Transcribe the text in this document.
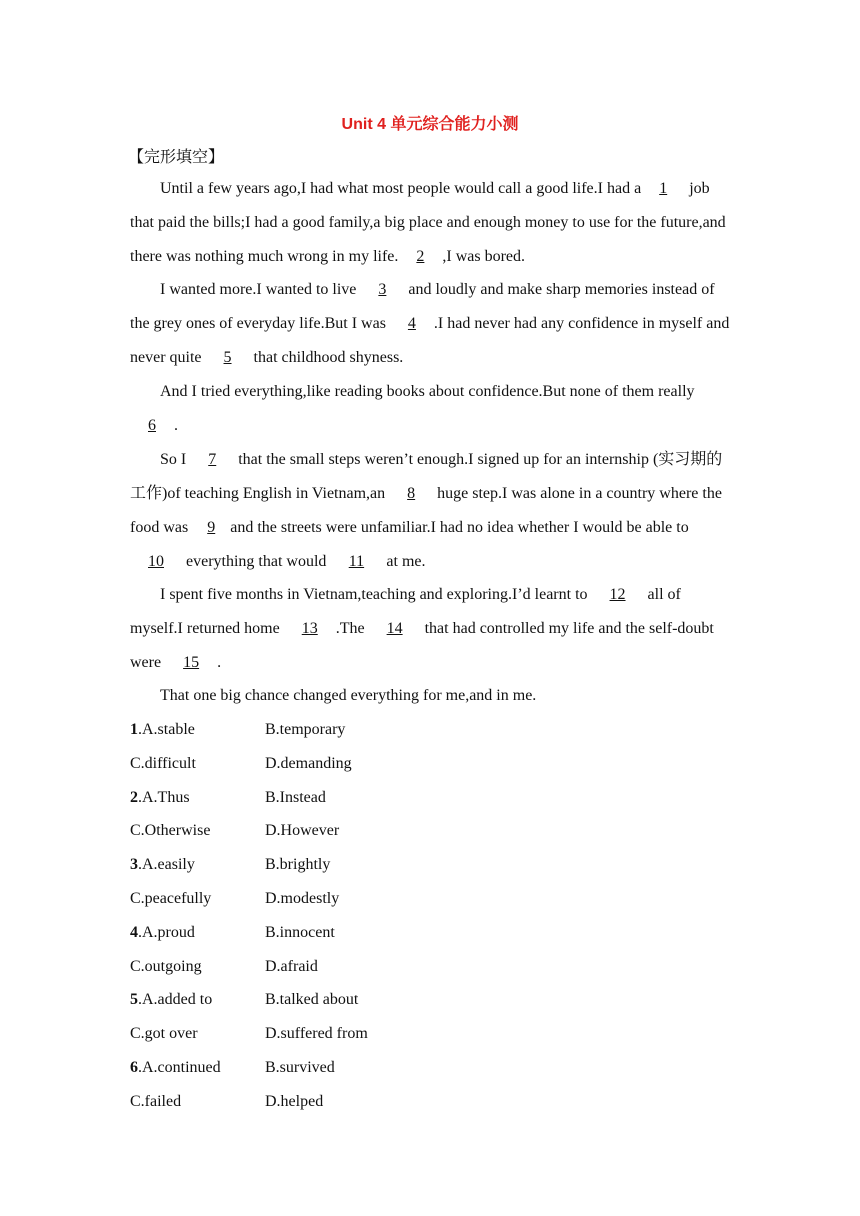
Unit 4 单元综合能力小测
【完形填空】
Until a few years ago,I had what most people would call a good life.I had a 1 job that paid the bills;I had a good family,a big place and enough money to use for the future,and there was nothing much wrong in my life. 2 ,I was bored.
I wanted more.I wanted to live 3 and loudly and make sharp memories instead of the grey ones of everyday life.But I was 4 .I had never had any confidence in myself and never quite 5 that childhood shyness.
And I tried everything,like reading books about confidence.But none of them really 6 .
So I 7 that the small steps weren’t enough.I signed up for an internship (实习期的工作)of teaching English in Vietnam,an 8 huge step.I was alone in a country where the food was 9 and the streets were unfamiliar.I had no idea whether I would be able to 10 everything that would 11 at me.
I spent five months in Vietnam,teaching and exploring.I’d learnt to 12 all of myself.I returned home 13 .The 14 that had controlled my life and the self-doubt were 15 .
That one big chance changed everything for me,and in me.
1.A.stable	B.temporary
C.difficult	D.demanding
2.A.Thus	B.Instead
C.Otherwise	D.However
3.A.easily	B.brightly
C.peacefully	D.modestly
4.A.proud	B.innocent
C.outgoing	D.afraid
5.A.added to	B.talked about
C.got over	D.suffered from
6.A.continued	B.survived
C.failed	D.helped
